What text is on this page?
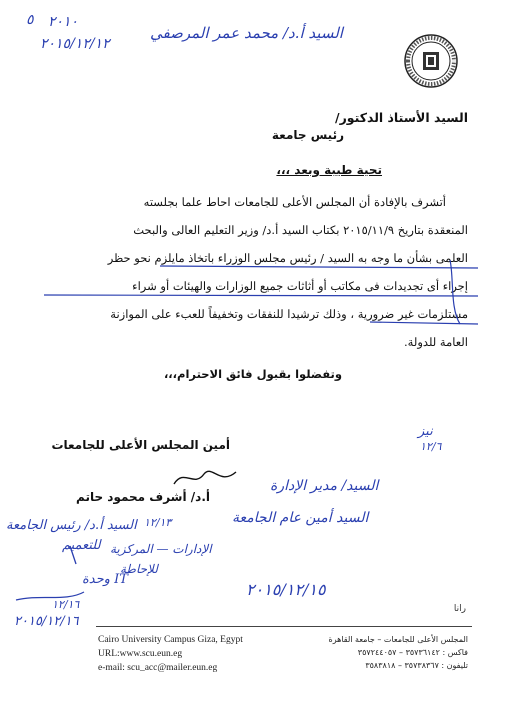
٥ ٢٠١٠
٢٠١٥/١٢/١٢
السيد أ.د/ محمد عمر المرصفي
السيد الأستاذ الدكتور/
رئيس جامعة
تحية طيبة وبعد ،،،
أتشرف بالإفادة أن المجلس الأعلى للجامعات احاط علما بجلسته
المنعقدة بتاريخ ٢٠١٥/١١/٩ بكتاب السيد أ.د/ وزير التعليم العالى والبحث
العلمى بشأن ما وجه به السيد / رئيس مجلس الوزراء باتخاذ مايلزم نحو حظر
إجراء أى تجديدات فى مكاتب أو أثاثات جميع الوزارات والهيئات أو شراء
مستلزمات غير ضرورية ، وذلك ترشيدا للنفقات وتخفيفاً للعبء على الموازنة
العامة للدولة.
وتفضلوا بقبول فائق الاحترام،،،
أمين المجلس الأعلى للجامعات
أ.د/ أشرف محمود حاتم
نيز
١٢/٦
السيد/ مدير الإدارة
السيد أمين عام الجامعة
٢٠١٥/١٢/١٥
السيد أ.د/ رئيس الجامعة ١٢/١٣
للتعميم الإدارات — المركزية
للإحاطة
وحدة IT
١٢/١٦
٢٠١٥/١٢/١٦
رانا
Cairo University Campus Giza, Egypt
URL:www.scu.eun.eg
e-mail: scu_acc@mailer.eun.eg
المجلس الأعلى للجامعات – جامعة القاهرة
فاكس : ٣٥٧٣٦١٤٢ – ٣٥٧٢٤٤٠٥٧
تليفون : ٣٥٧٣٨٣٦٧ – ٣٥٨٣٨١٨
